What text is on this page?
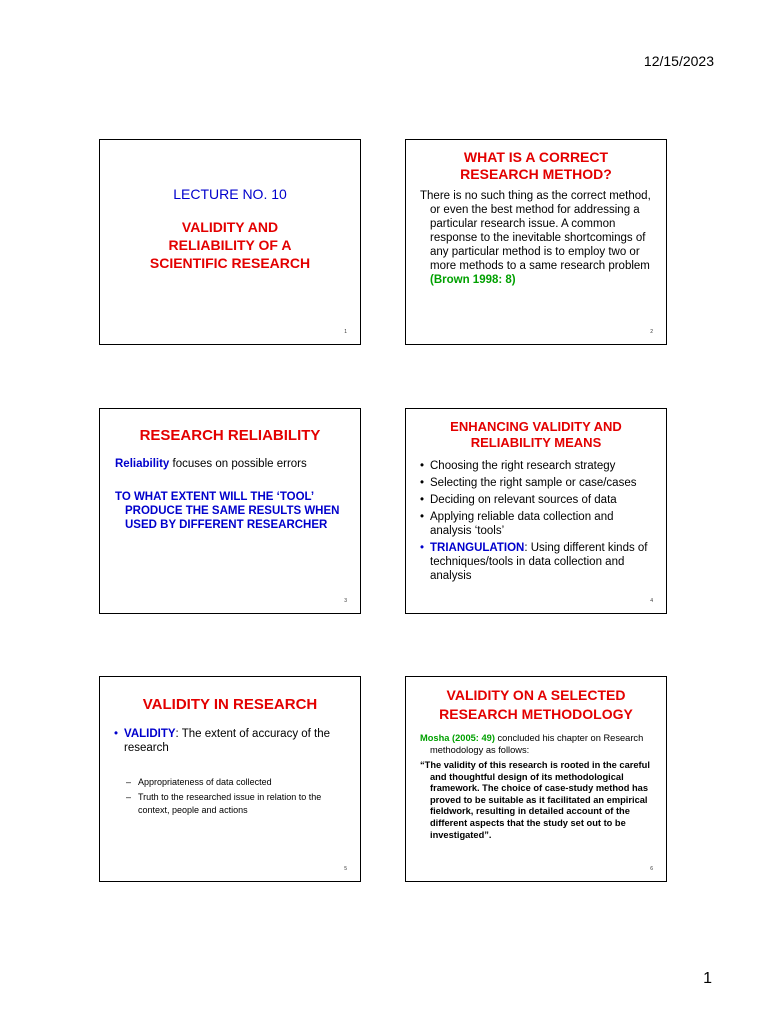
12/15/2023
LECTURE NO. 10
VALIDITY AND
RELIABILITY OF A
SCIENTIFIC RESEARCH
1
WHAT IS A CORRECT
RESEARCH METHOD?
There is no such thing as the correct method, or even the best method for addressing a particular research issue. A common response to the inevitable shortcomings of any particular method is to employ two or more methods to a same research problem (Brown 1998: 8)
2
RESEARCH RELIABILITY
Reliability focuses on possible errors
TO WHAT EXTENT WILL THE ‘TOOL’ PRODUCE THE SAME RESULTS WHEN USED BY DIFFERENT RESEARCHER
3
ENHANCING VALIDITY AND
RELIABILITY MEANS
• Choosing the right research strategy
• Selecting the right sample or case/cases
• Deciding on relevant sources of data
• Applying reliable data collection and analysis ‘tools’
• TRIANGULATION: Using different kinds of techniques/tools in data collection and analysis
4
VALIDITY IN RESEARCH
• VALIDITY: The extent of accuracy of the research
– Appropriateness of data collected
– Truth to the researched issue in relation to the context, people and actions
5
VALIDITY ON A SELECTED
RESEARCH METHODOLOGY
Mosha (2005: 49) concluded his chapter on Research methodology as follows:
“The validity of this research is rooted in the careful and thoughtful design of its methodological framework. The choice of case-study method has proved to be suitable as it facilitated an empirical fieldwork, resulting in detailed account of the different aspects that the study set out to be investigated”.
6
1
